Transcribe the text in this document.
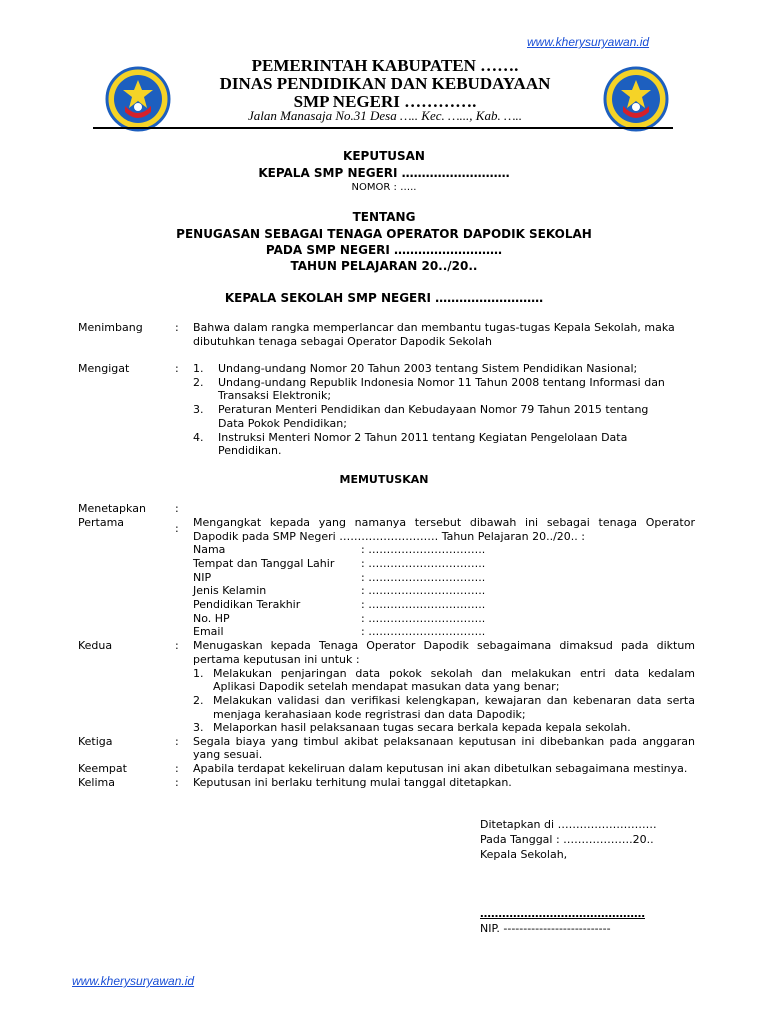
www.kherysuryawan.id
PEMERINTAH KABUPATEN …….
DINAS PENDIDIKAN DAN KEBUDAYAAN
SMP NEGERI ………….
Jalan Manasaja No.31 Desa ….. Kec. …..., Kab. …..
KEPUTUSAN
KEPALA SMP NEGERI ………………………
NOMOR : …..
TENTANG
PENUGASAN SEBAGAI TENAGA OPERATOR DAPODIK SEKOLAH
PADA SMP NEGERI ………………………
TAHUN PELAJARAN 20../20..
KEPALA SEKOLAH SMP NEGERI ………………………
Menimbang	: Bahwa dalam rangka memperlancar dan membantu tugas-tugas Kepala Sekolah, maka
dibutuhkan tenaga sebagai Operator Dapodik Sekolah
Mengigat	: 1. Undang-undang Nomor 20 Tahun 2003 tentang Sistem Pendidikan Nasional;
2. Undang-undang Republik Indonesia Nomor 11 Tahun 2008 tentang Informasi dan
Transaksi Elektronik;
3. Peraturan Menteri Pendidikan dan Kebudayaan Nomor 79 Tahun 2015 tentang
Data Pokok Pendidikan;
4. Instruksi Menteri Nomor 2 Tahun 2011 tentang Kegiatan Pengelolaan Data
Pendidikan.
MEMUTUSKAN
Menetapkan	:
Pertama	: Mengangkat kepada yang namanya tersebut dibawah ini sebagai tenaga Operator
Dapodik pada SMP Negeri ……………………… Tahun Pelajaran 20../20.. :
Nama	: …………………………..
Tempat dan Tanggal Lahir : …………………………..
NIP	: …………………………..
Jenis Kelamin	: …………………………..
Pendidikan Terakhir	: …………………………..
No. HP	: …………………………..
Email	: …………………………..
Kedua	: Menugaskan kepada Tenaga Operator Dapodik sebagaimana dimaksud pada diktum
pertama keputusan ini untuk :
1. Melakukan penjaringan data pokok sekolah dan melakukan entri data kedalam
Aplikasi Dapodik setelah mendapat masukan data yang benar;
2. Melakukan validasi dan verifikasi kelengkapan, kewajaran dan kebenaran data serta
menjaga kerahasiaan kode regristrasi dan data Dapodik;
3. Melaporkan hasil pelaksanaan tugas secara berkala kepada kepala sekolah.
Ketiga	: Segala biaya yang timbul akibat pelaksanaan keputusan ini dibebankan pada anggaran
yang sesuai.
Keempat	: Apabila terdapat kekeliruan dalam keputusan ini akan dibetulkan sebagaimana mestinya.
Kelima	: Keputusan ini berlaku terhitung mulai tanggal ditetapkan.
Ditetapkan di ………………………
Pada Tanggal : ……………….20..
Kepala Sekolah,
………………………………………
NIP. ---------------------------
www.kherysuryawan.id
